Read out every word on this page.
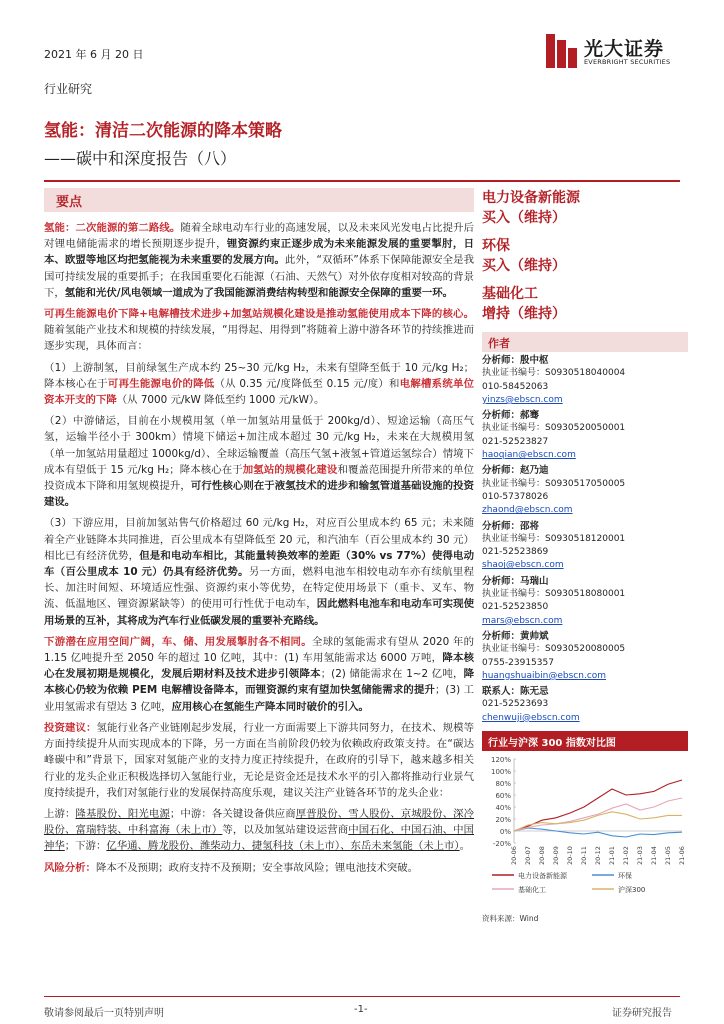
2021 年 6 月 20 日	光大证券
EVERBRIGHT SECURITIES
行业研究
氢能：清洁二次能源的降本策略
——碳中和深度报告（八）
要点

氢能：二次能源的第二路线。随着全球电动车行业的高速发展，以及未来风光发电占比提升后对锂电储能需求的增长预期逐步提升，锂资源约束正逐步成为未来能源发展的重要掣肘，日本、欧盟等地区均把氢能视为未来重要的发展方向。此外，“双循环”体系下保障能源安全是我国可持续发展的重要抓手；在我国重要化石能源（石油、天然气）对外依存度相对较高的背景下，氢能和光伏/风电领域一道成为了我国能源消费结构转型和能源安全保障的重要一环。

可再生能源电价下降+电解槽技术进步+加氢站规模化建设是推动氢能使用成本下降的核心。随着氢能产业技术和规模的持续发展，“用得起、用得到”将随着上游中游各环节的持续推进而逐步实现，具体而言：

（1）上游制氢，目前绿氢生产成本约 25~30 元/kg H₂，未来有望降至低于 10 元/kg H₂；降本核心在于可再生能源电价的降低（从 0.35 元/度降低至 0.15 元/度）和电解槽系统单位资本开支的下降（从 7000 元/kW 降低至约 1000 元/kW）。

（2）中游储运，目前在小规模用氢（单一加氢站用量低于 200kg/d）、短途运输（高压气氢，运输半径小于 300km）情境下储运+加注成本超过 30 元/kg H₂，未来在大规模用氢（单一加氢站用量超过 1000kg/d）、全球运输覆盖（高压气氢+液氢+管道运氢综合）情境下成本有望低于 15 元/kg H₂；降本核心在于加氢站的规模化建设和覆盖范围提升所带来的单位投资成本下降和用氢规模提升，可行性核心则在于液氢技术的进步和输氢管道基础设施的投资建设。

（3）下游应用，目前加氢站售气价格超过 60 元/kg H₂，对应百公里成本约 65 元；未来随着全产业链降本共同推进，百公里成本有望降低至 20 元，和汽油车（百公里成本约 30 元）相比已有经济优势，但是和电动车相比，其能量转换效率的差距（30% vs 77%）使得电动车（百公里成本 10 元）仍具有经济优势。另一方面，燃料电池车相较电动车亦有续航里程长、加注时间短、环境适应性强、资源约束小等优势，在特定使用场景下（重卡、叉车、物流、低温地区、锂资源紧缺等）的使用可行性优于电动车，因此燃料电池车和电动车可实现使用场景的互补，其将成为汽车行业低碳发展的重要补充路线。

下游潜在应用空间广阔，车、储、用发展掣肘各不相同。全球的氢能需求有望从 2020 年的 1.15 亿吨提升至 2050 年的超过 10 亿吨，其中：(1) 车用氢能需求达 6000 万吨，降本核心在发展初期是规模化，发展后期材料及技术进步引领降本；(2) 储能需求在 1~2 亿吨，降本核心仍较为依赖 PEM 电解槽设备降本，而锂资源约束有望加快氢储能需求的提升；(3) 工业用氢需求有望达 3 亿吨，应用核心在氢能生产降本同时破价的引入。

投资建议：氢能行业各产业链刚起步发展，行业一方面需要上下游共同努力，在技术、规模等方面持续提升从而实现成本的下降，另一方面在当前阶段仍较为依赖政府政策支持。在“碳达峰碳中和”背景下，国家对氢能产业的支持力度正持续提升，在政府的引导下，越来越多相关行业的龙头企业正积极选择切入氢能行业，无论是资金还是技术水平的引入都将推动行业景气度持续提升，我们对氢能行业的发展保持高度乐观，建议关注产业链各环节的龙头企业：

上游：隆基股份、阳光电源；中游：各关键设备供应商厚普股份、雪人股份、京城股份、深冷股份、富瑞特装、中科富海（未上市）等，以及加氢站建设运营商中国石化、中国石油、中国神华；下游：亿华通、腾龙股份、潍柴动力、捷氢科技（未上市）、东岳未来氢能（未上市）。

风险分析：降本不及预期；政府支持不及预期；安全事故风险；锂电池技术突破。

电力设备新能源
买入（维持）
环保
买入（维持）
基础化工
增持（维持）
作者
分析师：殷中枢
执业证书编号：S0930518040004
010-58452063
yinzs@ebscn.com
分析师：郝骞
执业证书编号：S0930520050001
021-52523827
haoqian@ebscn.com
分析师：赵乃迪
执业证书编号：S0930517050005
010-57378026
zhaond@ebscn.com
分析师：邵将
执业证书编号：S0930518120001
021-52523869
shaoj@ebscn.com
分析师：马瑞山
执业证书编号：S0930518080001
021-52523850
mars@ebscn.com
分析师：黄帅斌
执业证书编号：S0930520080005
0755-23915357
huangshuaibin@ebscn.com
联系人：陈无忌
021-52523693
chenwuji@ebscn.com
行业与沪深 300 指数对比图
120%
100%
80%
60%
40%
20%
0%
-20%
20-06 20-07 20-08 20-09 20-10 20-11 20-12 21-01 21-02 21-03 21-04 21-05 21-06
电力设备新能源	环保
基础化工	沪深300
资料来源：Wind
敬请参阅最后一页特别声明	-1-	证券研究报告
